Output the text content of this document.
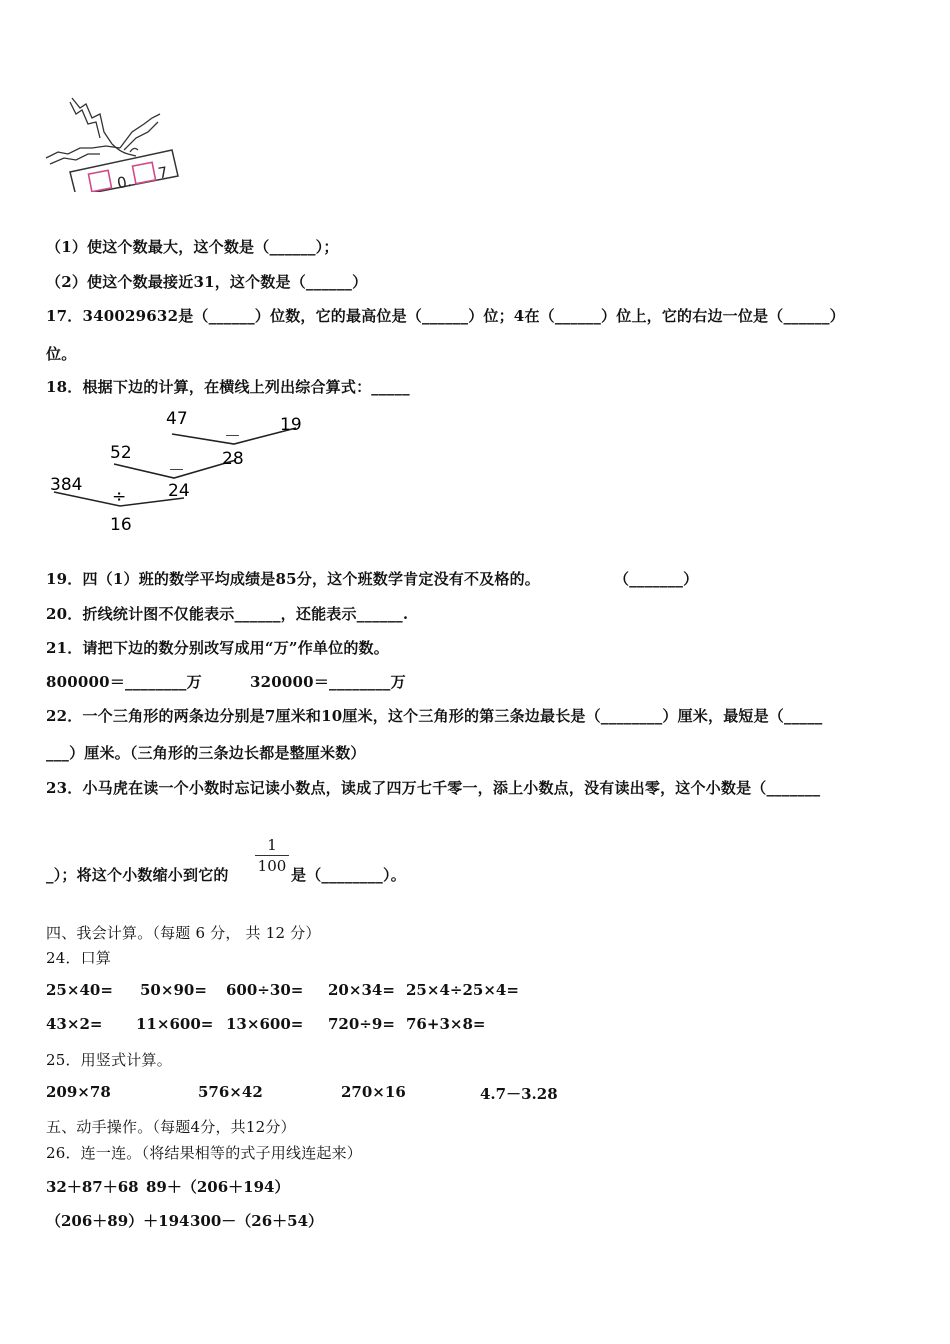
0. 7
（1）使这个数最大，这个数是（______）；
（2）使这个数最接近31，这个数是（______）
17．340029632是（______）位数，它的最高位是（______）位；4在（______）位上，它的右边一位是（______）
位。
18．根据下边的计算，在横线上列出综合算式：_____
47
－
19
52
－
28
384
÷ 24
16
19．四（1）班的数学平均成绩是85分，这个班数学肯定没有不及格的。	（_______）
20．折线统计图不仅能表示______，还能表示______.
21．请把下边的数分别改写成用“万”作单位的数。
800000＝________万	320000＝________万
22．一个三角形的两条边分别是7厘米和10厘米，这个三角形的第三条边最长是（________）厘米，最短是（_____
___）厘米。（三角形的三条边长都是整厘米数）
23．小马虎在读一个小数时忘记读小数点，读成了四万七千零一，添上小数点，没有读出零，这个小数是（_______
_）；将这个小数缩小到它的
1
100 是（________）。
四、我会计算。（每题 6 分， 共 12 分）
24．口算
25×40= 50×90= 600÷30= 20×34= 25×4÷25×4=
43×2= 11×600= 13×600= 720÷9= 76+3×8=
25．用竖式计算。
209×78	576×42	270×16	4.7－3.28
五、动手操作。（每题4分，共12分）
26．连一连。（将结果相等的式子用线连起来）
32＋87＋68 89＋（206＋194）
（206＋89）＋194 300－（26＋54）
